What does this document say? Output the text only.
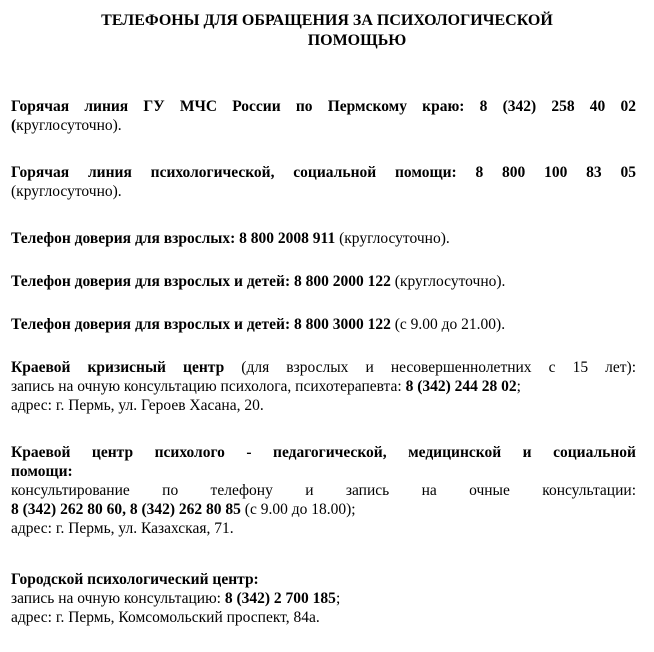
ТЕЛЕФОНЫ ДЛЯ ОБРАЩЕНИЯ ЗА ПСИХОЛОГИЧЕСКОЙ
ПОМОЩЬЮ
Горячая линия ГУ МЧС России по Пермскому краю: 8 (342) 258 40 02
(круглосуточно).
Горячая линия психологической, социальной помощи: 8 800 100 83 05
(круглосуточно).
Телефон доверия для взрослых: 8 800 2008 911 (круглосуточно).
Телефон доверия для взрослых и детей: 8 800 2000 122 (круглосуточно).
Телефон доверия для взрослых и детей: 8 800 3000 122 (с 9.00 до 21.00).
Краевой кризисный центр (для взрослых и несовершеннолетних с 15 лет):
запись на очную консультацию психолога, психотерапевта: 8 (342) 244 28 02;
адрес: г. Пермь, ул. Героев Хасана, 20.
Краевой центр психолого - педагогической, медицинской и социальной
помощи:
консультирование по телефону и запись на очные консультации:
8 (342) 262 80 60, 8 (342) 262 80 85 (с 9.00 до 18.00);
адрес: г. Пермь, ул. Казахская, 71.
Городской психологический центр:
запись на очную консультацию: 8 (342) 2 700 185;
адрес: г. Пермь, Комсомольский проспект, 84а.
